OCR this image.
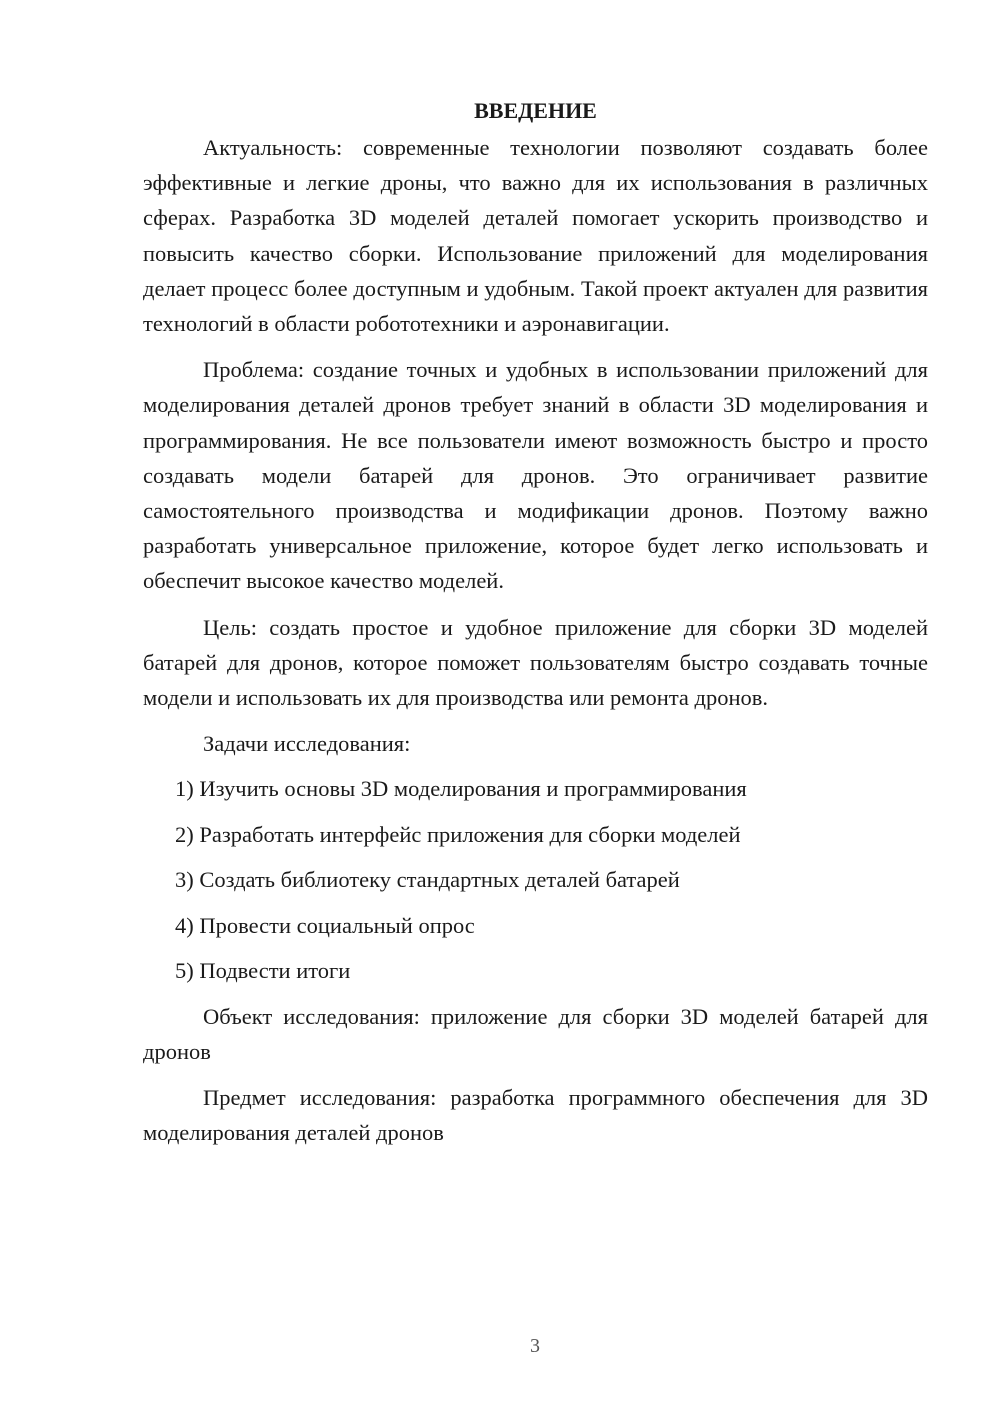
ВВЕДЕНИЕ

Актуальность: современные технологии позволяют создавать более эффективные и легкие дроны, что важно для их использования в различных сферах. Разработка 3D моделей деталей помогает ускорить производство и повысить качество сборки. Использование приложений для моделирования делает процесс более доступным и удобным. Такой проект актуален для развития технологий в области робототехники и аэронавигации.

Проблема: создание точных и удобных в использовании приложений для моделирования деталей дронов требует знаний в области 3D моделирования и программирования. Не все пользователи имеют возможность быстро и просто создавать модели батарей для дронов. Это ограничивает развитие самостоятельного производства и модификации дронов. Поэтому важно разработать универсальное приложение, которое будет легко использовать и обеспечит высокое качество моделей.

Цель: создать простое и удобное приложение для сборки 3D моделей батарей для дронов, которое поможет пользователям быстро создавать точные модели и использовать их для производства или ремонта дронов.

Задачи исследования:
1) Изучить основы 3D моделирования и программирования
2) Разработать интерфейс приложения для сборки моделей
3) Создать библиотеку стандартных деталей батарей
4) Провести социальный опрос
5) Подвести итоги

Объект исследования: приложение для сборки 3D моделей батарей для дронов

Предмет исследования: разработка программного обеспечения для 3D моделирования деталей дронов

3
